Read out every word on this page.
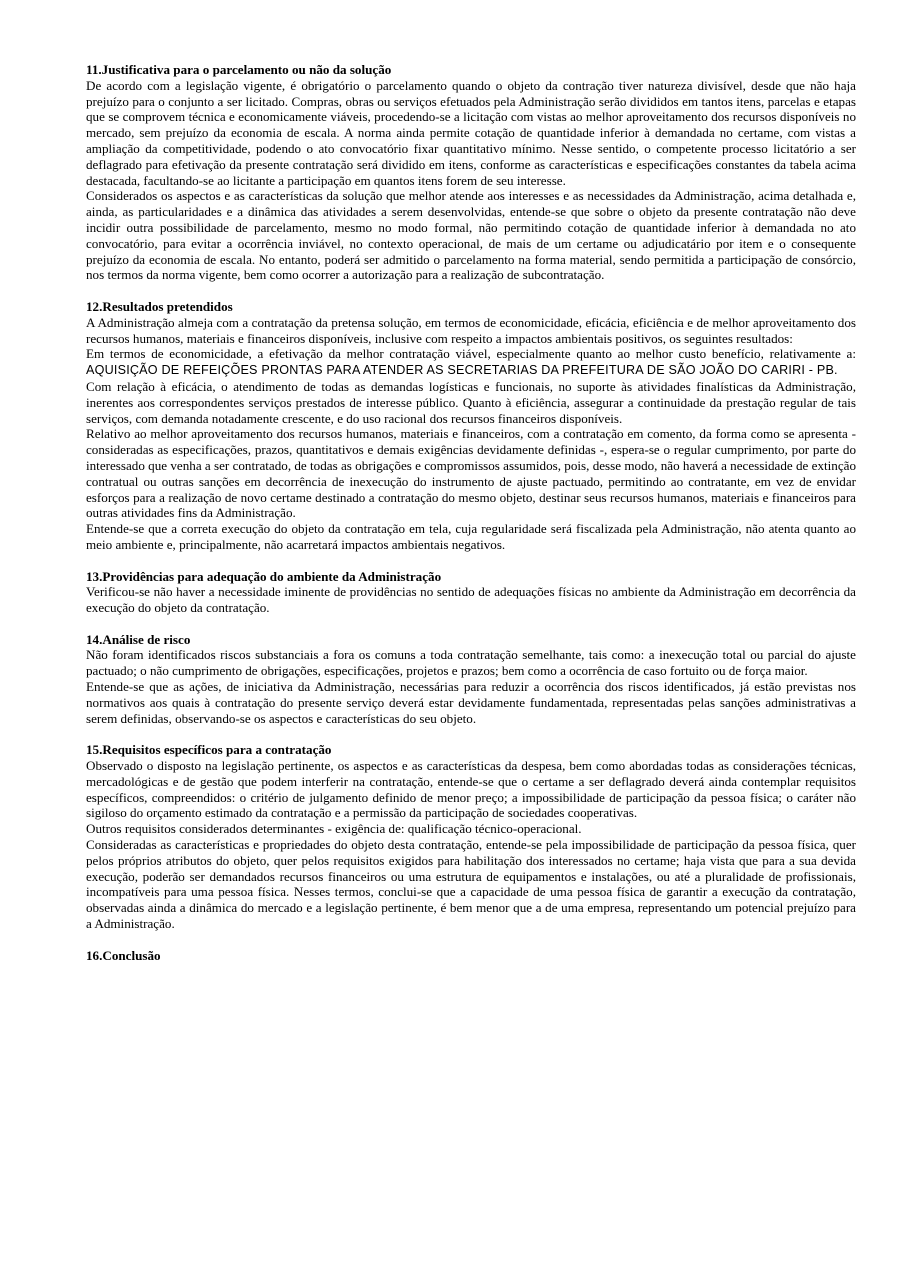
11.Justificativa para o parcelamento ou não da solução

De acordo com a legislação vigente, é obrigatório o parcelamento quando o objeto da contração tiver natureza divisível, desde que não haja prejuízo para o conjunto a ser licitado. Compras, obras ou serviços efetuados pela Administração serão divididos em tantos itens, parcelas e etapas que se comprovem técnica e economicamente viáveis, procedendo-se a licitação com vistas ao melhor aproveitamento dos recursos disponíveis no mercado, sem prejuízo da economia de escala. A norma ainda permite cotação de quantidade inferior à demandada no certame, com vistas a ampliação da competitividade, podendo o ato convocatório fixar quantitativo mínimo. Nesse sentido, o competente processo licitatório a ser deflagrado para efetivação da presente contratação será dividido em itens, conforme as características e especificações constantes da tabela acima destacada, facultando-se ao licitante a participação em quantos itens forem de seu interesse.

Considerados os aspectos e as características da solução que melhor atende aos interesses e as necessidades da Administração, acima detalhada e, ainda, as particularidades e a dinâmica das atividades a serem desenvolvidas, entende-se que sobre o objeto da presente contratação não deve incidir outra possibilidade de parcelamento, mesmo no modo formal, não permitindo cotação de quantidade inferior à demandada no ato convocatório, para evitar a ocorrência inviável, no contexto operacional, de mais de um certame ou adjudicatário por item e o consequente prejuízo da economia de escala. No entanto, poderá ser admitido o parcelamento na forma material, sendo permitida a participação de consórcio, nos termos da norma vigente, bem como ocorrer a autorização para a realização de subcontratação.

12.Resultados pretendidos

A Administração almeja com a contratação da pretensa solução, em termos de economicidade, eficácia, eficiência e de melhor aproveitamento dos recursos humanos, materiais e financeiros disponíveis, inclusive com respeito a impactos ambientais positivos, os seguintes resultados:

Em termos de economicidade, a efetivação da melhor contratação viável, especialmente quanto ao melhor custo benefício, relativamente a: AQUISIÇÃO DE REFEIÇÕES PRONTAS PARA ATENDER AS SECRETARIAS DA PREFEITURA DE SÃO JOÃO DO CARIRI - PB.

Com relação à eficácia, o atendimento de todas as demandas logísticas e funcionais, no suporte às atividades finalísticas da Administração, inerentes aos correspondentes serviços prestados de interesse público. Quanto à eficiência, assegurar a continuidade da prestação regular de tais serviços, com demanda notadamente crescente, e do uso racional dos recursos financeiros disponíveis.

Relativo ao melhor aproveitamento dos recursos humanos, materiais e financeiros, com a contratação em comento, da forma como se apresenta - consideradas as especificações, prazos, quantitativos e demais exigências devidamente definidas -, espera-se o regular cumprimento, por parte do interessado que venha a ser contratado, de todas as obrigações e compromissos assumidos, pois, desse modo, não haverá a necessidade de extinção contratual ou outras sanções em decorrência de inexecução do instrumento de ajuste pactuado, permitindo ao contratante, em vez de envidar esforços para a realização de novo certame destinado a contratação do mesmo objeto, destinar seus recursos humanos, materiais e financeiros para outras atividades fins da Administração.

Entende-se que a correta execução do objeto da contratação em tela, cuja regularidade será fiscalizada pela Administração, não atenta quanto ao meio ambiente e, principalmente, não acarretará impactos ambientais negativos.

13.Providências para adequação do ambiente da Administração

Verificou-se não haver a necessidade iminente de providências no sentido de adequações físicas no ambiente da Administração em decorrência da execução do objeto da contratação.

14.Análise de risco

Não foram identificados riscos substanciais a fora os comuns a toda contratação semelhante, tais como: a inexecução total ou parcial do ajuste pactuado; o não cumprimento de obrigações, especificações, projetos e prazos; bem como a ocorrência de caso fortuito ou de força maior.

Entende-se que as ações, de iniciativa da Administração, necessárias para reduzir a ocorrência dos riscos identificados, já estão previstas nos normativos aos quais à contratação do presente serviço deverá estar devidamente fundamentada, representadas pelas sanções administrativas a serem definidas, observando-se os aspectos e características do seu objeto.

15.Requisitos específicos para a contratação

Observado o disposto na legislação pertinente, os aspectos e as características da despesa, bem como abordadas todas as considerações técnicas, mercadológicas e de gestão que podem interferir na contratação, entende-se que o certame a ser deflagrado deverá ainda contemplar requisitos específicos, compreendidos: o critério de julgamento definido de menor preço; a impossibilidade de participação da pessoa física; o caráter não sigiloso do orçamento estimado da contratação e a permissão da participação de sociedades cooperativas.

Outros requisitos considerados determinantes - exigência de: qualificação técnico-operacional.

Consideradas as características e propriedades do objeto desta contratação, entende-se pela impossibilidade de participação da pessoa física, quer pelos próprios atributos do objeto, quer pelos requisitos exigidos para habilitação dos interessados no certame; haja vista que para a sua devida execução, poderão ser demandados recursos financeiros ou uma estrutura de equipamentos e instalações, ou até a pluralidade de profissionais, incompatíveis para uma pessoa física. Nesses termos, conclui-se que a capacidade de uma pessoa física de garantir a execução da contratação, observadas ainda a dinâmica do mercado e a legislação pertinente, é bem menor que a de uma empresa, representando um potencial prejuízo para a Administração.

16.Conclusão
